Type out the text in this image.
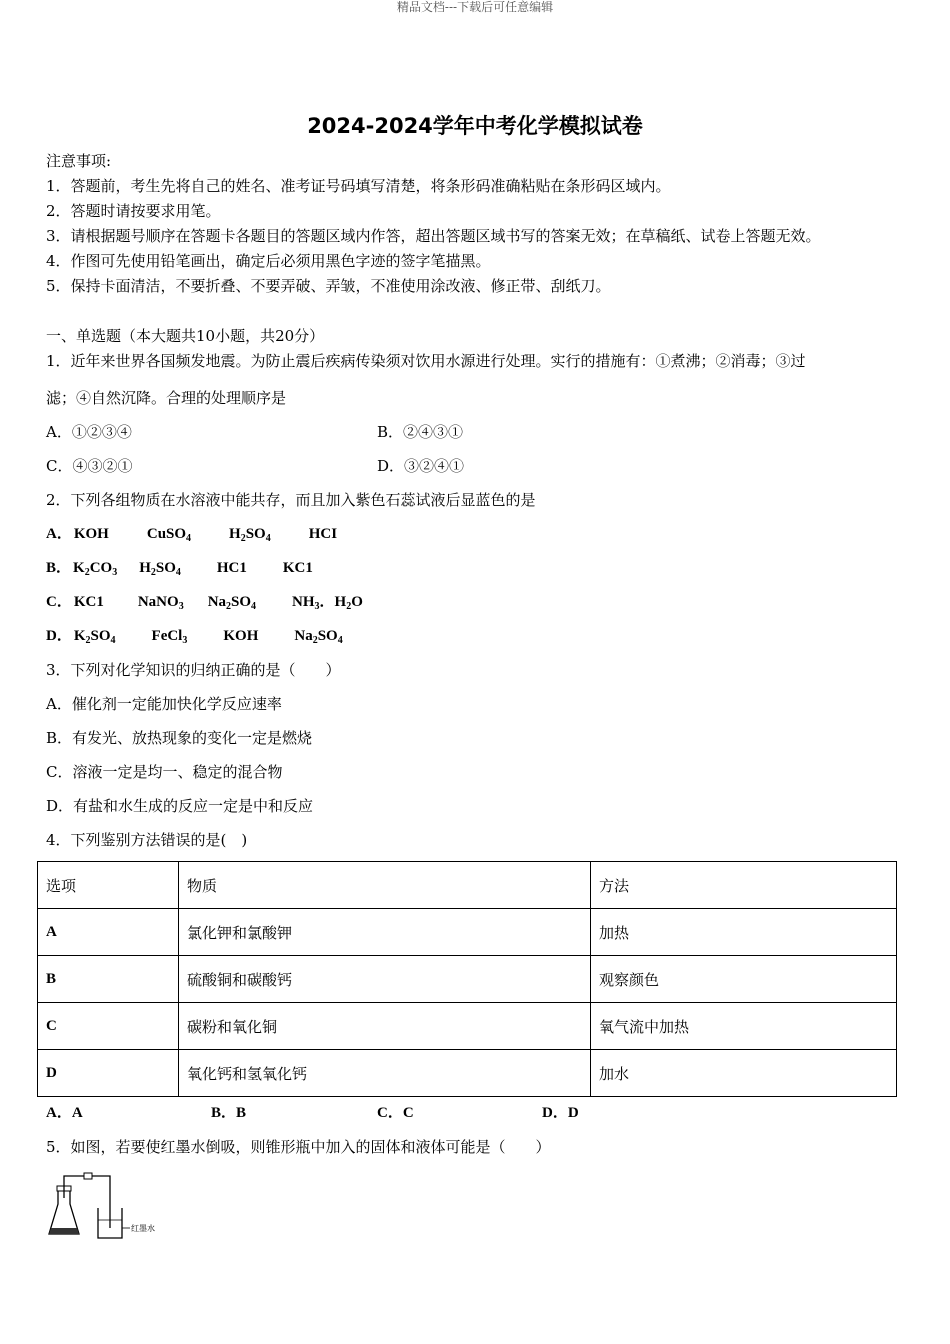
精品文档---下载后可任意编辑
2024-2024学年中考化学模拟试卷
注意事项:
1．答题前，考生先将自己的姓名、准考证号码填写清楚，将条形码准确粘贴在条形码区域内。
2．答题时请按要求用笔。
3．请根据题号顺序在答题卡各题目的答题区域内作答，超出答题区域书写的答案无效；在草稿纸、试卷上答题无效。
4．作图可先使用铅笔画出，确定后必须用黑色字迹的签字笔描黑。
5．保持卡面清洁，不要折叠、不要弄破、弄皱，不准使用涂改液、修正带、刮纸刀。
一、单选题（本大题共10小题，共20分）
1．近年来世界各国频发地震。为防止震后疾病传染须对饮用水源进行处理。实行的措施有：①煮沸；②消毒；③过
滤；④自然沉降。合理的处理顺序是
A．①②③④	B．②④③①
C．④③②①	D．③②④①
2．下列各组物质在水溶液中能共存，而且加入紫色石蕊试液后显蓝色的是
A． KOH	CuSO$_4$	$H_2SO_4$	HCI
B． $K_2CO_3$ $H_2SO_4$ HC1 KC1
C． KC1 NaNO$_3$ $Na_2SO_4$ $NH_3$．$H_2O$
D． $K_2SO_4$ FeCl$_3$ KOH $Na_2SO_4$
3．下列对化学知识的归纳正确的是（　　）
A．催化剂一定能加快化学反应速率
B．有发光、放热现象的变化一定是燃烧
C．溶液一定是均一、稳定的混合物
D．有盐和水生成的反应一定是中和反应
4．下列鉴别方法错误的是(　)
选项	物质	方法
A	氯化钾和氯酸钾	加热
B	硫酸铜和碳酸钙	观察颜色
C	碳粉和氧化铜	氧气流中加热
D	氧化钙和氢氧化钙	加水
A．A	B．B	C．C	D．D
5．如图，若要使红墨水倒吸，则锥形瓶中加入的固体和液体可能是（　　）
红墨水
